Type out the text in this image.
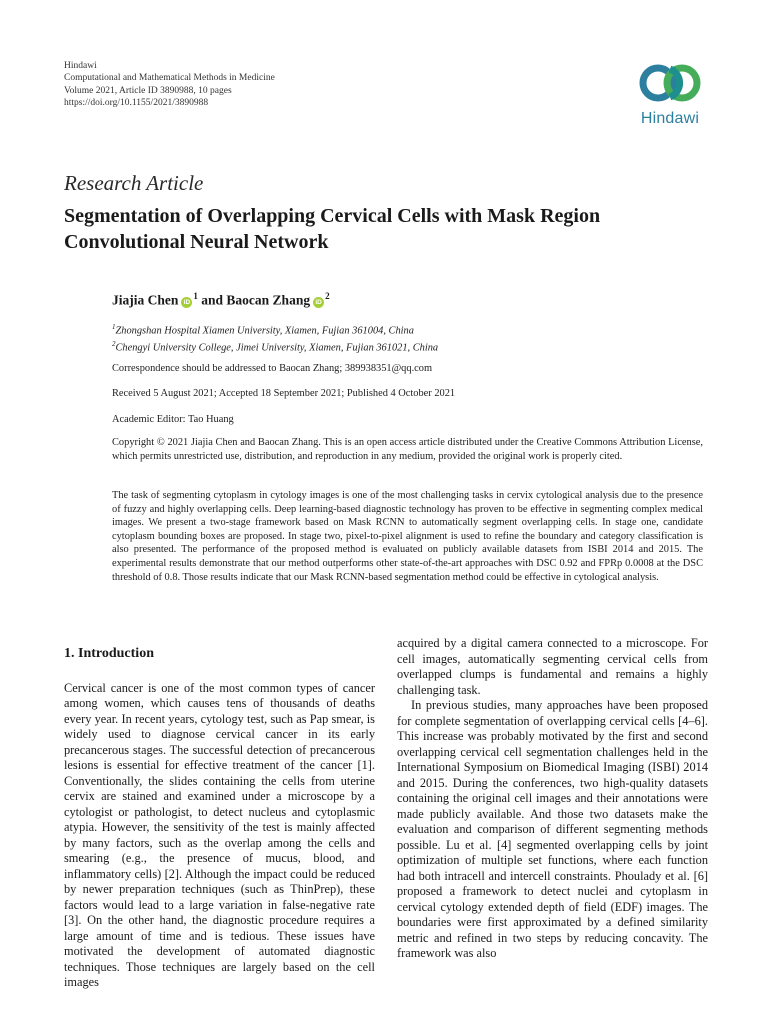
Hindawi
Computational and Mathematical Methods in Medicine
Volume 2021, Article ID 3890988, 10 pages
https://doi.org/10.1155/2021/3890988
Hindawi
Research Article
Segmentation of Overlapping Cervical Cells with Mask Region Convolutional Neural Network
Jiajia Chen $iD^1$ and Baocan Zhang $iD^2$
$^1$Zhongshan Hospital Xiamen University, Xiamen, Fujian 361004, China
$^2$Chengyi University College, Jimei University, Xiamen, Fujian 361021, China
Correspondence should be addressed to Baocan Zhang; 389938351@qq.com
Received 5 August 2021; Accepted 18 September 2021; Published 4 October 2021
Academic Editor: Tao Huang
Copyright © 2021 Jiajia Chen and Baocan Zhang. This is an open access article distributed under the Creative Commons Attribution License, which permits unrestricted use, distribution, and reproduction in any medium, provided the original work is properly cited.
The task of segmenting cytoplasm in cytology images is one of the most challenging tasks in cervix cytological analysis due to the presence of fuzzy and highly overlapping cells. Deep learning-based diagnostic technology has proven to be effective in segmenting complex medical images. We present a two-stage framework based on Mask RCNN to automatically segment overlapping cells. In stage one, candidate cytoplasm bounding boxes are proposed. In stage two, pixel-to-pixel alignment is used to refine the boundary and category classification is also presented. The performance of the proposed method is evaluated on publicly available datasets from ISBI 2014 and 2015. The experimental results demonstrate that our method outperforms other state-of-the-art approaches with DSC 0.92 and FPRp 0.0008 at the DSC threshold of 0.8. Those results indicate that our Mask RCNN-based segmentation method could be effective in cytological analysis.
1. Introduction

Cervical cancer is one of the most common types of cancer among women, which causes tens of thousands of deaths every year. In recent years, cytology test, such as Pap smear, is widely used to diagnose cervical cancer in its early precancerous stages. The successful detection of precancerous lesions is essential for effective treatment of the cancer [1]. Conventionally, the slides containing the cells from uterine cervix are stained and examined under a microscope by a cytologist or pathologist, to detect nucleus and cytoplasmic atypia. However, the sensitivity of the test is mainly affected by many factors, such as the overlap among the cells and smearing (e.g., the presence of mucus, blood, and inflammatory cells) [2]. Although the impact could be reduced by newer preparation techniques (such as ThinPrep), these factors would lead to a large variation in false-negative rate [3]. On the other hand, the diagnostic procedure requires a large amount of time and is tedious. These issues have motivated the development of automated diagnostic techniques. Those techniques are largely based on the cell images

acquired by a digital camera connected to a microscope. For cell images, automatically segmenting cervical cells from overlapped clumps is fundamental and remains a highly challenging task.

In previous studies, many approaches have been proposed for complete segmentation of overlapping cervical cells [4–6]. This increase was probably motivated by the first and second overlapping cervical cell segmentation challenges held in the International Symposium on Biomedical Imaging (ISBI) 2014 and 2015. During the conferences, two high-quality datasets containing the original cell images and their annotations were made publicly available. And those two datasets make the evaluation and comparison of different segmenting methods possible. Lu et al. [4] segmented overlapping cells by joint optimization of multiple set functions, where each function had both intracell and intercell constraints. Phoulady et al. [6] proposed a framework to detect nuclei and cytoplasm in cervical cytology extended depth of field (EDF) images. The boundaries were first approximated by a defined similarity metric and refined in two steps by reducing concavity. The framework was also
